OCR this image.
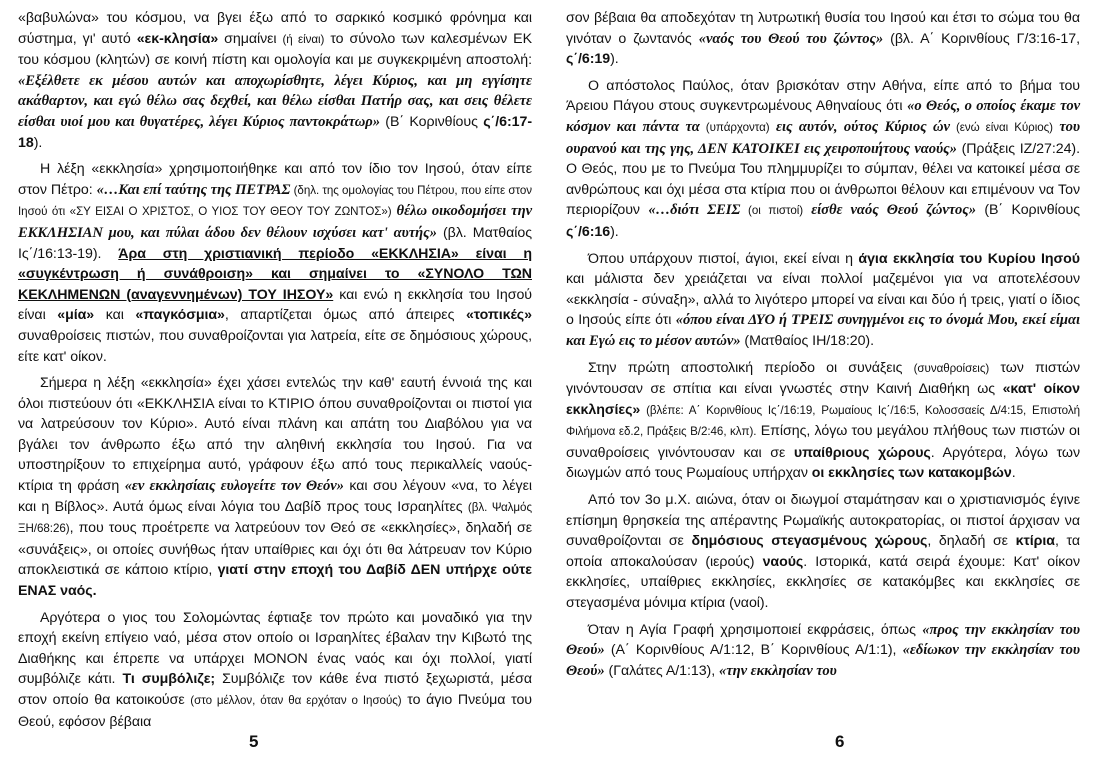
«βαβυλώνα» του κόσμου, να βγει έξω από το σαρκικό κοσμικό φρόνημα και σύστημα, γι' αυτό «εκ-κλησία» σημαίνει (ή είναι) το σύνολο των καλεσμένων ΕΚ του κόσμου (κλητών) σε κοινή πίστη και ομολογία και με συγκεκριμένη αποστολή: «Εξέλθετε εκ μέσου αυτών και αποχωρίσθητε, λέγει Κύριος, και μη εγγίσητε ακάθαρτον, και εγώ θέλω σας δεχθεί, και θέλω είσθαι Πατήρ σας, και σεις θέλετε είσθαι υιοί μου και θυγατέρες, λέγει Κύριος παντοκράτωρ» (Β΄ Κορινθίους ς΄/6:17-18).

Η λέξη «εκκλησία» χρησιμοποιήθηκε και από τον ίδιο τον Ιησού, όταν είπε στον Πέτρο: «…Και επί ταύτης της ΠΕΤΡΑΣ (δηλ. της ομολογίας του Πέτρου, που είπε στον Ιησού ότι «ΣΥ ΕΙΣΑΙ Ο ΧΡΙΣΤΟΣ, Ο ΥΙΟΣ ΤΟΥ ΘΕΟΥ ΤΟΥ ΖΩΝΤΟΣ») θέλω οικοδομήσει την ΕΚΚΛΗΣΙΑΝ μου, και πύλαι άδου δεν θέλουν ισχύσει κατ' αυτής» (βλ. Ματθαίος Ις΄/16:13-19). Άρα στη χριστιανική περίοδο «ΕΚΚΛΗΣΙΑ» είναι η «συγκέντρωση ή συνάθροιση» και σημαίνει το «ΣΥΝΟΛΟ ΤΩΝ ΚΕΚΛΗΜΕΝΩΝ (αναγεννημένων) ΤΟΥ ΙΗΣΟΥ» και ενώ η εκκλησία του Ιησού είναι «μία» και «παγκόσμια», απαρτίζεται όμως από άπειρες «τοπικές» συναθροίσεις πιστών, που συναθροίζονται για λατρεία, είτε σε δημόσιους χώρους, είτε κατ' οίκον.

Σήμερα η λέξη «εκκλησία» έχει χάσει εντελώς την καθ' εαυτή έννοιά της και όλοι πιστεύουν ότι «ΕΚΚΛΗΣΙΑ είναι το ΚΤΙΡΙΟ όπου συναθροίζονται οι πιστοί για να λατρεύσουν τον Κύριο». Αυτό είναι πλάνη και απάτη του Διαβόλου για να βγάλει τον άνθρωπο έξω από την αληθινή εκκλησία του Ιησού. Για να υποστηρίξουν το επιχείρημα αυτό, γράφουν έξω από τους περικαλλείς ναούς-κτίρια τη φράση «εν εκκλησίαις ευλογείτε τον Θεόν» και σου λέγουν «να, το λέγει και η Βίβλος». Αυτά όμως είναι λόγια του Δαβίδ προς τους Ισραηλίτες (βλ. Ψαλμός ΞΗ/68:26), που τους προέτρεπε να λατρεύουν τον Θεό σε «εκκλησίες», δηλαδή σε «συνάξεις», οι οποίες συνήθως ήταν υπαίθριες και όχι ότι θα λάτρευαν τον Κύριο αποκλειστικά σε κάποιο κτίριο, γιατί στην εποχή του Δαβίδ ΔΕΝ υπήρχε ούτε ΕΝΑΣ ναός.

Αργότερα ο γιος του Σολομώντας έφτιαξε τον πρώτο και μοναδικό για την εποχή εκείνη επίγειο ναό, μέσα στον οποίο οι Ισραηλίτες έβαλαν την Κιβωτό της Διαθήκης και έπρεπε να υπάρχει ΜΟΝΟΝ ένας ναός και όχι πολλοί, γιατί συμβόλιζε κάτι. Τι συμβόλιζε; Συμβόλιζε τον κάθε ένα πιστό ξεχωριστά, μέσα στον οποίο θα κατοικούσε (στο μέλλον, όταν θα ερχόταν ο Ιησούς) το άγιο Πνεύμα του Θεού, εφόσον βέβαια

5

σον βέβαια θα αποδεχόταν τη λυτρωτική θυσία του Ιησού και έτσι το σώμα του θα γινόταν ο ζωντανός «ναός του Θεού του ζώντος» (βλ. Α΄ Κορινθίους Γ/3:16-17, ς΄/6:19).

Ο απόστολος Παύλος, όταν βρισκόταν στην Αθήνα, είπε από το βήμα του Άρειου Πάγου στους συγκεντρωμένους Αθηναίους ότι «ο Θεός, ο οποίος έκαμε τον κόσμον και πάντα τα (υπάρχοντα) εις αυτόν, ούτος Κύριος ών (ενώ είναι Κύριος) του ουρανού και της γης, ΔΕΝ ΚΑΤΟΙΚΕΙ εις χειροποιήτους ναούς» (Πράξεις ΙΖ/27:24). Ο Θεός, που με το Πνεύμα Του πλημμυρίζει το σύμπαν, θέλει να κατοικεί μέσα σε ανθρώπους και όχι μέσα στα κτίρια που οι άνθρωποι θέλουν και επιμένουν να Τον περιορίζουν «…διότι ΣΕΙΣ (οι πιστοί) είσθε ναός Θεού ζώντος» (Β΄ Κορινθίους ς΄/6:16).

Όπου υπάρχουν πιστοί, άγιοι, εκεί είναι η άγια εκκλησία του Κυρίου Ιησού και μάλιστα δεν χρειάζεται να είναι πολλοί μαζεμένοι για να αποτελέσουν «εκκλησία - σύναξη», αλλά το λιγότερο μπορεί να είναι και δύο ή τρεις, γιατί ο ίδιος ο Ιησούς είπε ότι «όπου είναι ΔΥΟ ή ΤΡΕΙΣ συνηγμένοι εις το όνομά Μου, εκεί είμαι και Εγώ εις το μέσον αυτών» (Ματθαίος ΙΗ/18:20).

Στην πρώτη αποστολική περίοδο οι συνάξεις (συναθροίσεις) των πιστών γινόντουσαν σε σπίτια και είναι γνωστές στην Καινή Διαθήκη ως «κατ' οίκον εκκλησίες» (βλέπε: Α΄ Κορινθίους Ις΄/16:19, Ρωμαίους Ις΄/16:5, Κολοσσαείς Δ/4:15, Επιστολή Φιλήμονα εδ.2, Πράξεις Β/2:46, κλπ). Επίσης, λόγω του μεγάλου πλήθους των πιστών οι συναθροίσεις γινόντουσαν και σε υπαίθριους χώρους. Αργότερα, λόγω των διωγμών από τους Ρωμαίους υπήρχαν οι εκκλησίες των κατακομβών.

Από τον 3ο μ.Χ. αιώνα, όταν οι διωγμοί σταμάτησαν και ο χριστιανισμός έγινε επίσημη θρησκεία της απέραντης Ρωμαϊκής αυτοκρατορίας, οι πιστοί άρχισαν να συναθροίζονται σε δημόσιους στεγασμένους χώρους, δηλαδή σε κτίρια, τα οποία αποκαλούσαν (ιερούς) ναούς. Ιστορικά, κατά σειρά έχουμε: Κατ' οίκον εκκλησίες, υπαίθριες εκκλησίες, εκκλησίες σε κατακόμβες και εκκλησίες σε στεγασμένα μόνιμα κτίρια (ναοί).

Όταν η Αγία Γραφή χρησιμοποιεί εκφράσεις, όπως «προς την εκκλησίαν του Θεού» (Α΄ Κορινθίους Α/1:12, Β΄ Κορινθίους Α/1:1), «εδίωκον την εκκλησίαν του Θεού» (Γαλάτες Α/1:13), «την εκκλησίαν του

6
